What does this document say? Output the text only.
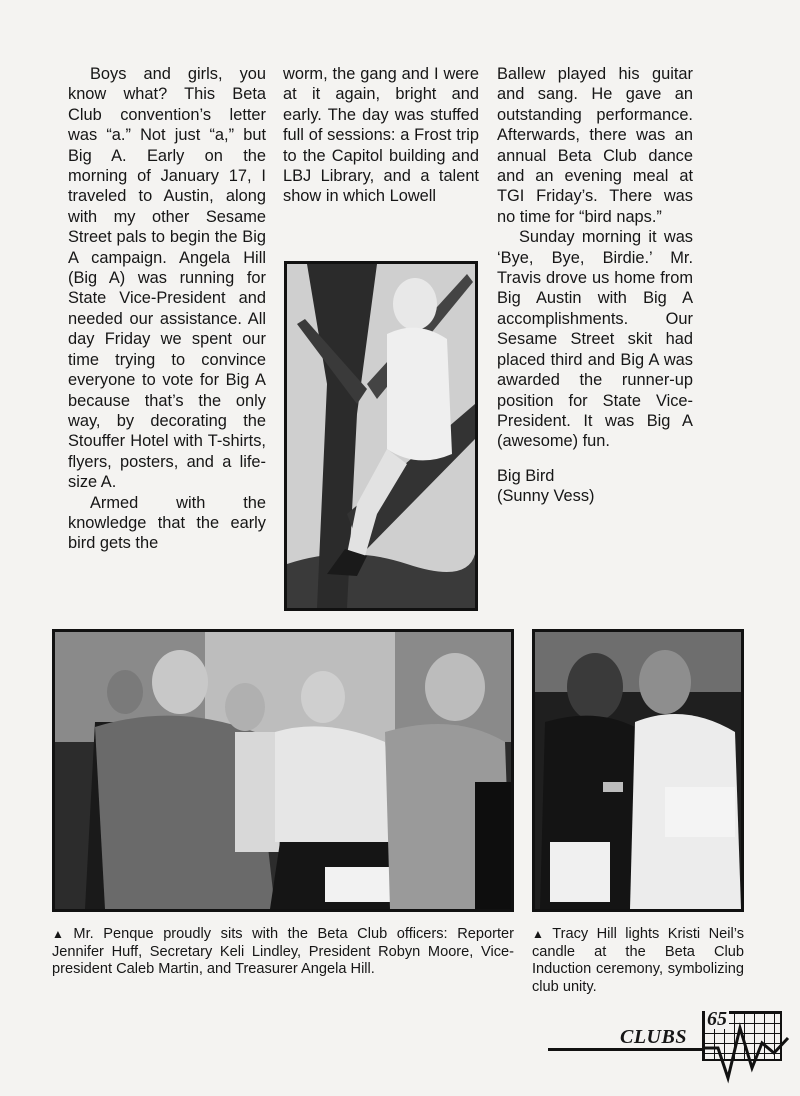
Boys and girls, you know what? This Beta Club convention’s letter was “a.” Not just “a,” but Big A. Early on the morning of January 17, I traveled to Austin, along with my other Sesame Street pals to begin the Big A campaign. Angela Hill (Big A) was running for State Vice-President and needed our assistance. All day Friday we spent our time trying to convince everyone to vote for Big A because that’s the only way, by decorating the Stouffer Hotel with T-shirts, flyers, posters, and a life-size A.

Armed with the knowledge that the early bird gets the

worm, the gang and I were at it again, bright and early. The day was stuffed full of sessions: a Frost trip to the Capitol building and LBJ Library, and a talent show in which Lowell

Ballew played his guitar and sang. He gave an outstanding performance. Afterwards, there was an annual Beta Club dance and an evening meal at TGI Friday’s. There was no time for “bird naps.”

Sunday morning it was ‘Bye, Bye, Birdie.’ Mr. Travis drove us home from Big Austin with Big A accomplishments. Our Sesame Street skit had placed third and Big A was awarded the runner-up position for State Vice-President. It was Big A (awesome) fun.

Big Bird
(Sunny Vess)

▲ Mr. Penque proudly sits with the Beta Club officers: Reporter Jennifer Huff, Secretary Keli Lindley, President Robyn Moore, Vice-president Caleb Martin, and Treasurer Angela Hill.
▲ Tracy Hill lights Kristi Neil’s candle at the Beta Club Induction ceremony, symbolizing club unity.
CLUBS
65
